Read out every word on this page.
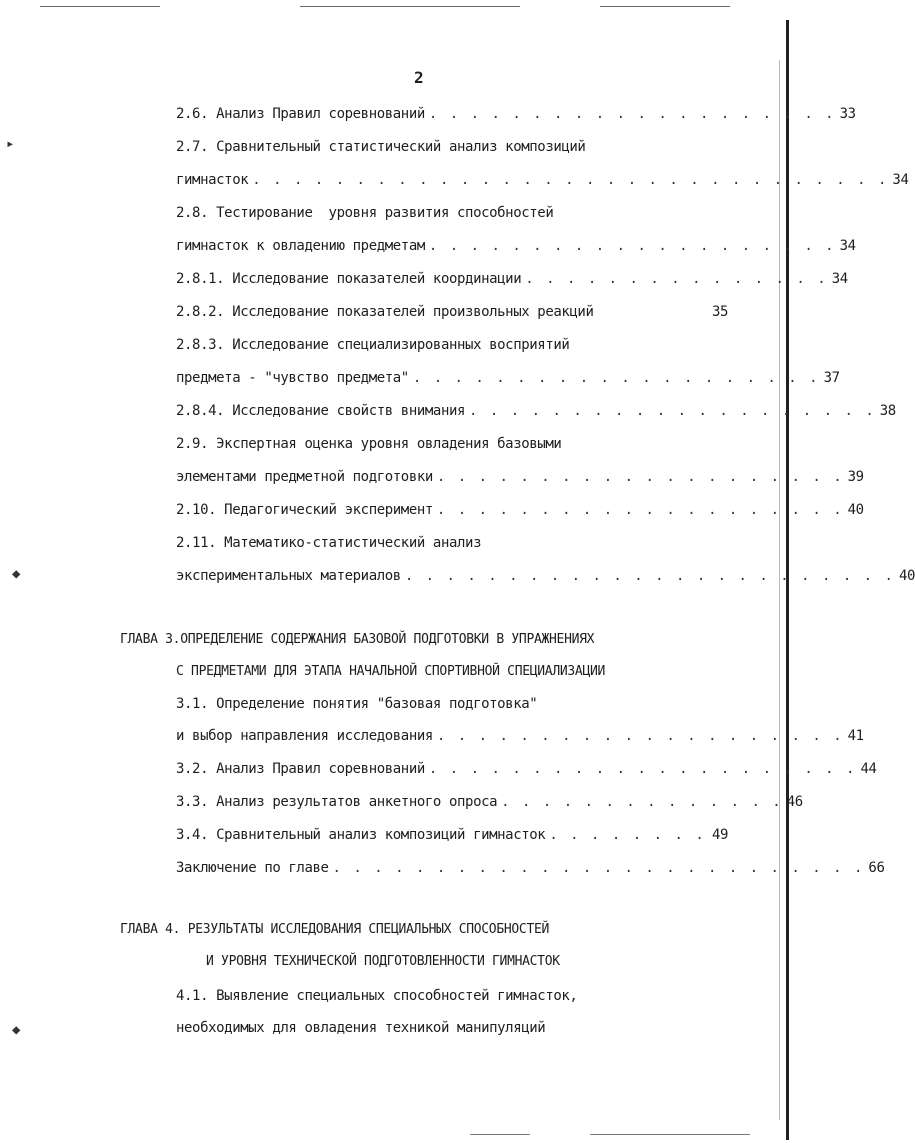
▸
◆
◆
2
2.6. Анализ Правил соревнований . . . . . . . . . . . . . . . . . . . . 33
2.7. Сравнительный статистический анализ композиций
гимнасток . . . . . . . . . . . . . . . . . . . . . . . . . . . . . . . 34
2.8. Тестирование  уровня развития способностей
гимнасток к овладению предметам . . . . . . . . . . . . . . . . . . . . 34
2.8.1. Исследование показателей координации . . . . . . . . . . . . . . . 34
2.8.2. Исследование показателей произвольных реакций	35
2.8.3. Исследование специализированных восприятий
предмета - "чувство предмета" . . . . . . . . . . . . . . . . . . . . 37
2.8.4. Исследование свойств внимания . . . . . . . . . . . . . . . . . . . . 38
2.9. Экспертная оценка уровня овладения базовыми
элементами предметной подготовки . . . . . . . . . . . . . . . . . . . . 39
2.10. Педагогический эксперимент . . . . . . . . . . . . . . . . . . . . 40
2.11. Математико-статистический анализ
экспериментальных материалов . . . . . . . . . . . . . . . . . . . . . . . . 40
ГЛАВА 3.ОПРЕДЕЛЕНИЕ СОДЕРЖАНИЯ БАЗОВОЙ ПОДГОТОВКИ В УПРАЖНЕНИЯХ
С ПРЕДМЕТАМИ ДЛЯ ЭТАПА НАЧАЛЬНОЙ СПОРТИВНОЙ СПЕЦИАЛИЗАЦИИ
3.1. Определение понятия "базовая подготовка"
и выбор направления исследования . . . . . . . . . . . . . . . . . . . . 41
3.2. Анализ Правил соревнований . . . . . . . . . . . . . . . . . . . . . 44
3.3. Анализ результатов анкетного опроса . . . . . . . . . . . . . . 46
3.4. Сравнительный анализ композиций гимнасток . . . . . . . . 49
Заключение по главе . . . . . . . . . . . . . . . . . . . . . . . . . . 66
ГЛАВА 4. РЕЗУЛЬТАТЫ ИССЛЕДОВАНИЯ СПЕЦИАЛЬНЫХ СПОСОБНОСТЕЙ
И УРОВНЯ ТЕХНИЧЕСКОЙ ПОДГОТОВЛЕННОСТИ ГИМНАСТОК
4.1. Выявление специальных способностей гимнасток,
необходимых для овладения техникой манипуляций
